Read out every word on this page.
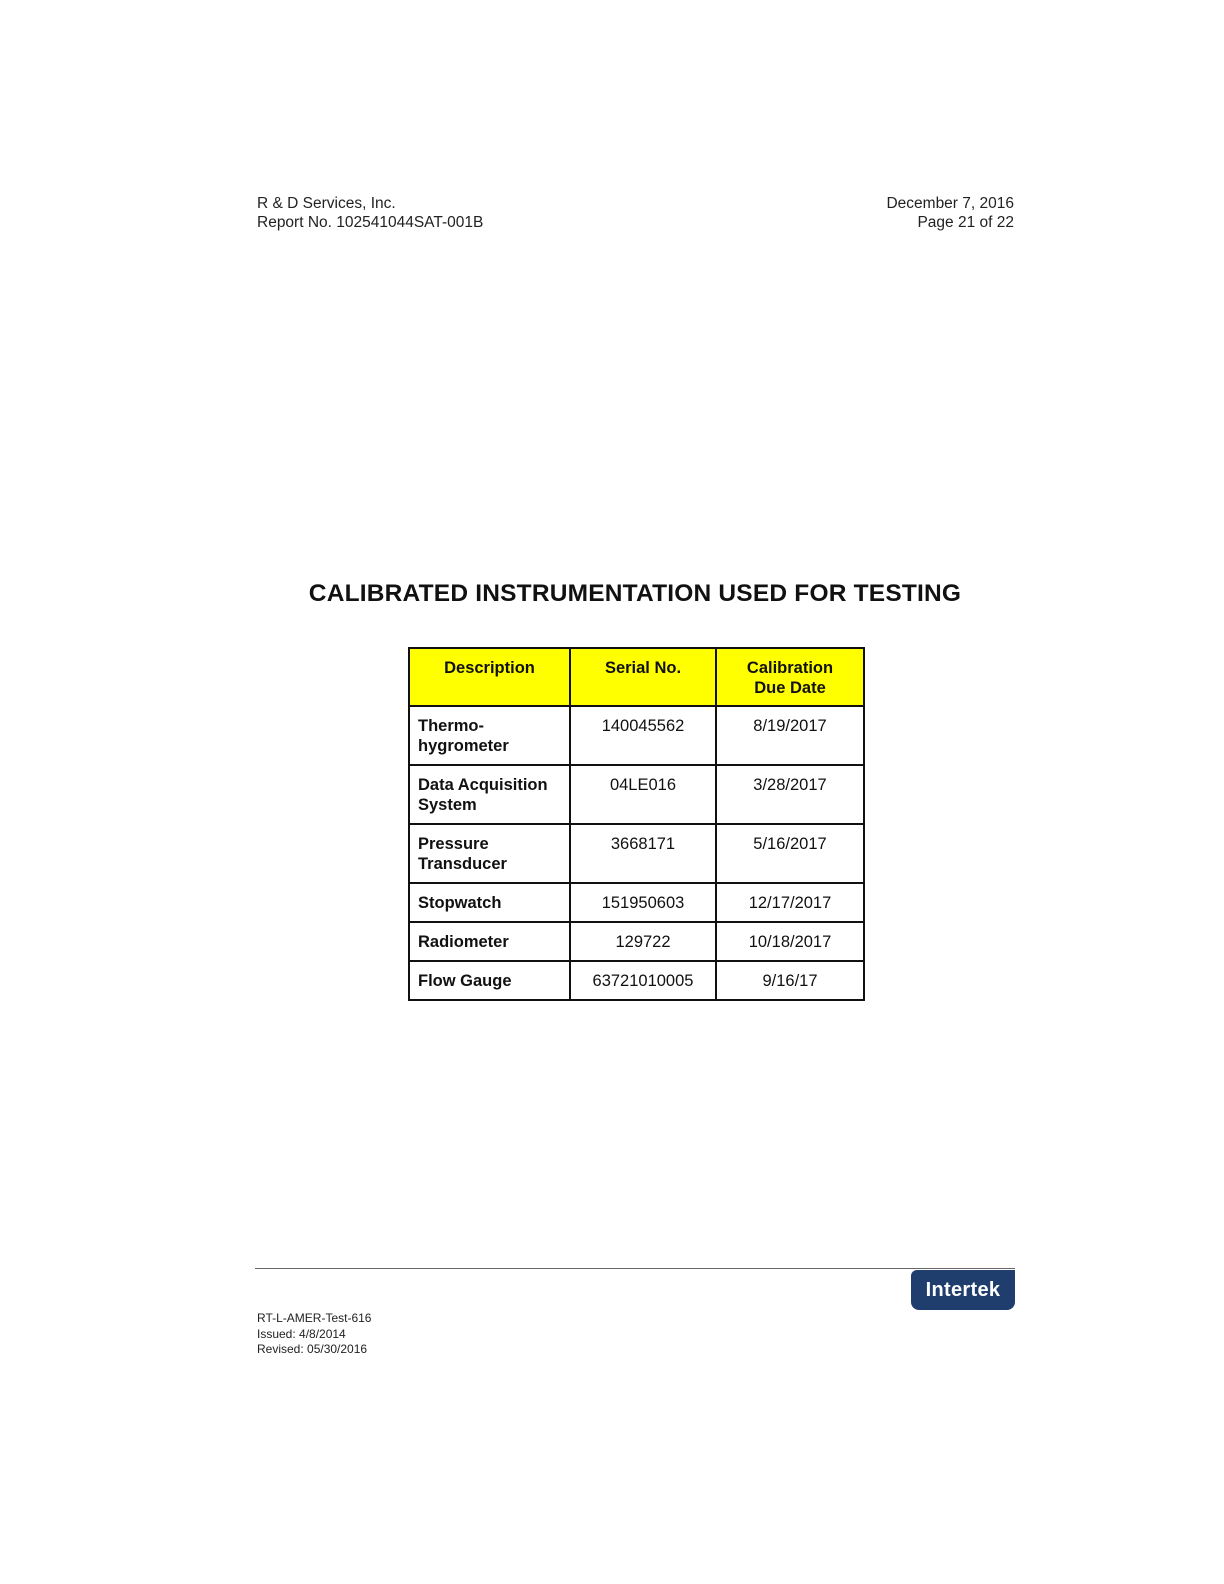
R & D Services, Inc.
Report No. 102541044SAT-001B
December 7, 2016
Page 21 of 22
CALIBRATED INSTRUMENTATION USED FOR TESTING
Description	Serial No.	Calibration Due Date

Thermo-hygrometer	140045562	8/19/2017

Data Acquisition System	04LE016	3/28/2017

Pressure Transducer	3668171	5/16/2017
Stopwatch	151950603	12/17/2017
Radiometer	129722	10/18/2017
Flow Gauge	63721010005	9/16/17
Intertek
RT-L-AMER-Test-616
Issued: 4/8/2014
Revised: 05/30/2016
